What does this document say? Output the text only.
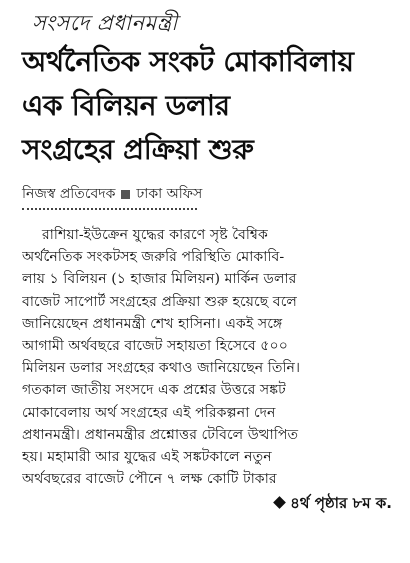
সংসদে প্রধানমন্ত্রী
অর্থনৈতিক সংকট মোকাবিলায়
এক বিলিয়ন ডলার
সংগ্রহের প্রক্রিয়া শুরু
নিজস্ব প্রতিবেদক ঢাকা অফিস
রাশিয়া-ইউক্রেন যুদ্ধের কারণে সৃষ্ট বৈশ্বিক
অর্থনৈতিক সংকটসহ জরুরি পরিস্থিতি মোকাবি-
লায় ১ বিলিয়ন (১ হাজার মিলিয়ন) মার্কিন ডলার
বাজেট সাপোর্ট সংগ্রহের প্রক্রিয়া শুরু হয়েছে বলে
জানিয়েছেন প্রধানমন্ত্রী শেখ হাসিনা। একই সঙ্গে
আগামী অর্থবছরে বাজেট সহায়তা হিসেবে ৫০০
মিলিয়ন ডলার সংগ্রহের কথাও জানিয়েছেন তিনি।
গতকাল জাতীয় সংসদে এক প্রশ্নের উত্তরে সঙ্কট
মোকাবেলায় অর্থ সংগ্রহের এই পরিকল্পনা দেন
প্রধানমন্ত্রী। প্রধানমন্ত্রীর প্রশ্নোত্তর টেবিলে উত্থাপিত
হয়। মহামারী আর যুদ্ধের এই সঙ্কটকালে নতুন
অর্থবছরের বাজেট পৌনে ৭ লক্ষ কোটি টাকার
৪র্থ পৃষ্ঠার ৮ম ক.
